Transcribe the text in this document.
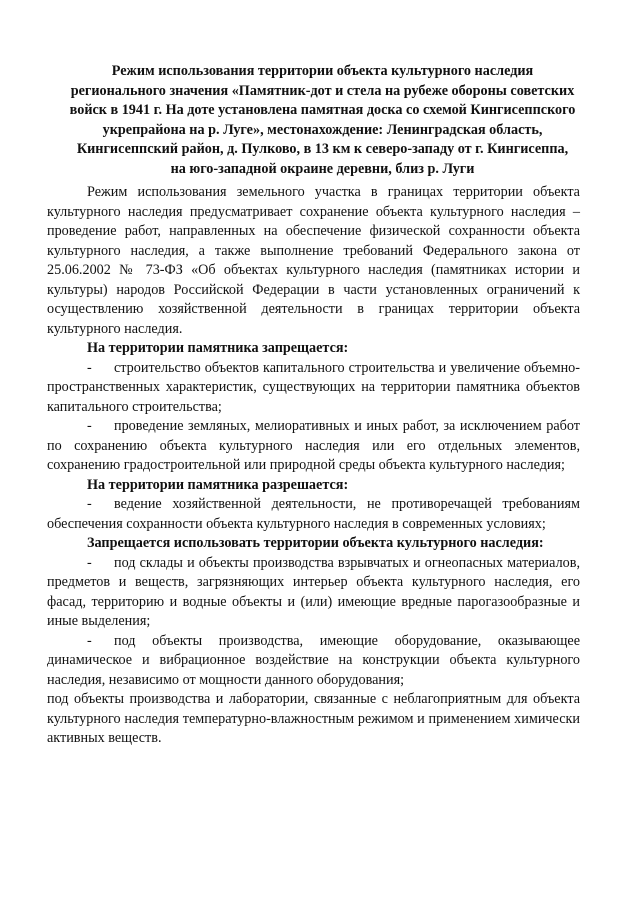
Режим использования территории объекта культурного наследия
регионального значения «Памятник-дот и стела на рубеже обороны советских
войск в 1941 г. На доте установлена памятная доска со схемой Кингисеппского
укрепрайона на р. Луге», местонахождение: Ленинградская область,
Кингисеппский район, д. Пулково, в 13 км к северо-западу от г. Кингисеппа,
на юго-западной окраине деревни, близ р. Луги

Режим использования земельного участка в границах территории объекта культурного наследия предусматривает сохранение объекта культурного наследия – проведение работ, направленных на обеспечение физической сохранности объекта культурного наследия, а также выполнение требований Федерального закона от 25.06.2002 № 73-ФЗ «Об объектах культурного наследия (памятниках истории и культуры) народов Российской Федерации в части установленных ограничений к осуществлению хозяйственной деятельности в границах территории объекта культурного наследия.

На территории памятника запрещается:

- строительство объектов капитального строительства и увеличение объемно- пространственных характеристик, существующих на территории памятника объектов капитального строительства;

- проведение земляных, мелиоративных и иных работ, за исключением работ по сохранению объекта культурного наследия или его отдельных элементов, сохранению градостроительной или природной среды объекта культурного наследия;

На территории памятника разрешается:

- ведение хозяйственной деятельности, не противоречащей требованиям обеспечения сохранности объекта культурного наследия в современных условиях;

Запрещается использовать территории объекта культурного наследия:

- под склады и объекты производства взрывчатых и огнеопасных материалов, предметов и веществ, загрязняющих интерьер объекта культурного наследия, его фасад, территорию и водные объекты и (или) имеющие вредные парогазообразные и иные выделения;

- под объекты производства, имеющие оборудование, оказывающее динамическое и вибрационное воздействие на конструкции объекта культурного наследия, независимо от мощности данного оборудования;

под объекты производства и лаборатории, связанные с неблагоприятным для объекта культурного наследия температурно-влажностным режимом и применением химически активных веществ.
